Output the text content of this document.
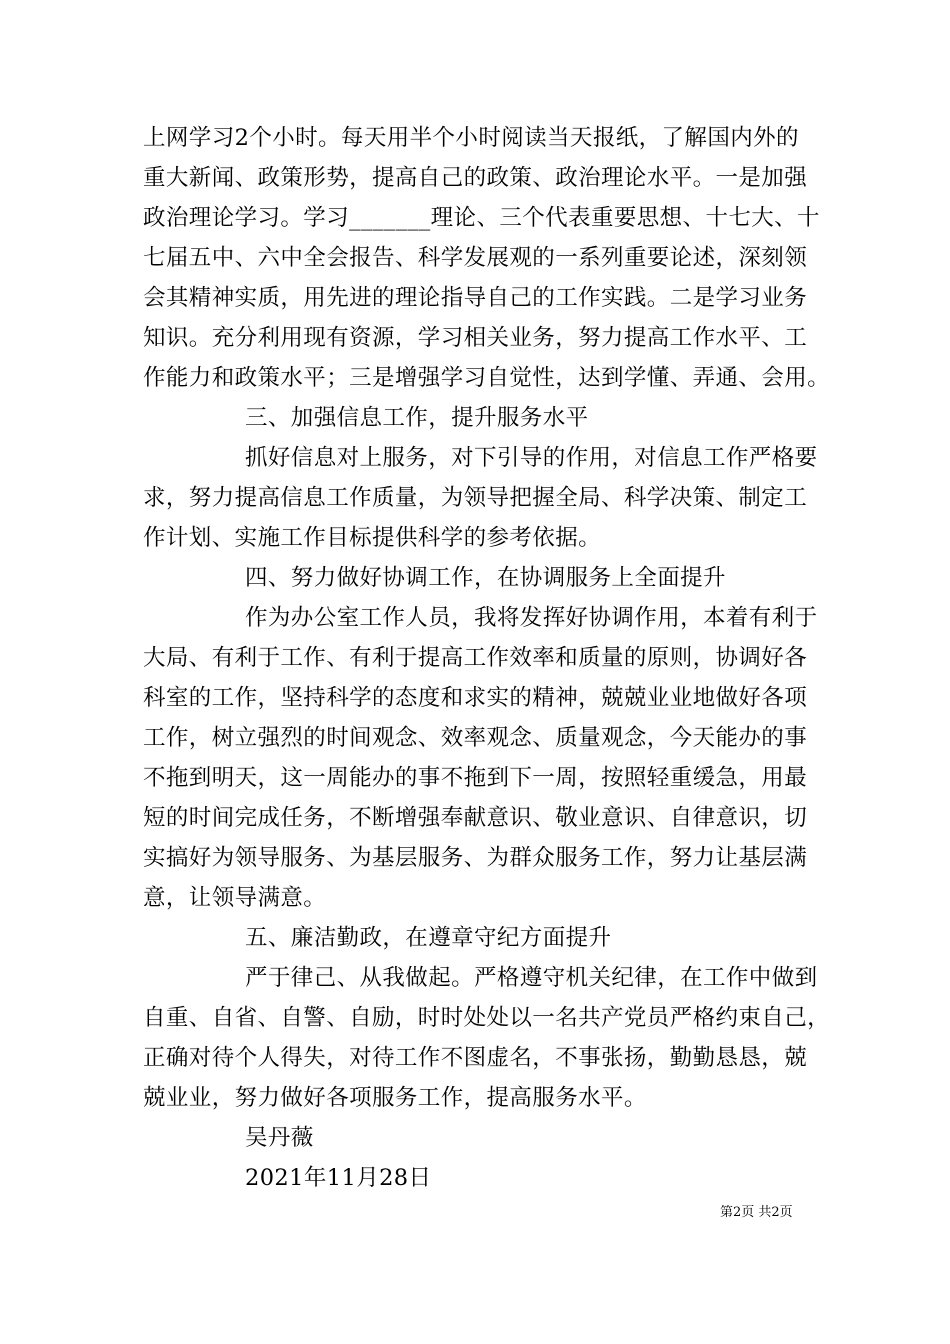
上网学习2个小时。每天用半个小时阅读当天报纸，了解国内外的
重大新闻、政策形势，提高自己的政策、政治理论水平。一是加强
政治理论学习。学习_______理论、三个代表重要思想、十七大、十
七届五中、六中全会报告、科学发展观的一系列重要论述，深刻领
会其精神实质，用先进的理论指导自己的工作实践。二是学习业务
知识。充分利用现有资源，学习相关业务，努力提高工作水平、工
作能力和政策水平；三是增强学习自觉性，达到学懂、弄通、会用。
三、加强信息工作，提升服务水平
抓好信息对上服务，对下引导的作用，对信息工作严格要
求，努力提高信息工作质量，为领导把握全局、科学决策、制定工
作计划、实施工作目标提供科学的参考依据。
四、努力做好协调工作，在协调服务上全面提升
作为办公室工作人员，我将发挥好协调作用，本着有利于
大局、有利于工作、有利于提高工作效率和质量的原则，协调好各
科室的工作，坚持科学的态度和求实的精神，兢兢业业地做好各项
工作，树立强烈的时间观念、效率观念、质量观念，今天能办的事
不拖到明天，这一周能办的事不拖到下一周，按照轻重缓急，用最
短的时间完成任务，不断增强奉献意识、敬业意识、自律意识，切
实搞好为领导服务、为基层服务、为群众服务工作，努力让基层满
意，让领导满意。
五、廉洁勤政，在遵章守纪方面提升
严于律己、从我做起。严格遵守机关纪律，在工作中做到
自重、自省、自警、自励，时时处处以一名共产党员严格约束自己，
正确对待个人得失，对待工作不图虚名，不事张扬，勤勤恳恳，兢
兢业业，努力做好各项服务工作，提高服务水平。
吴丹薇
2021年11月28日
第2页 共2页
